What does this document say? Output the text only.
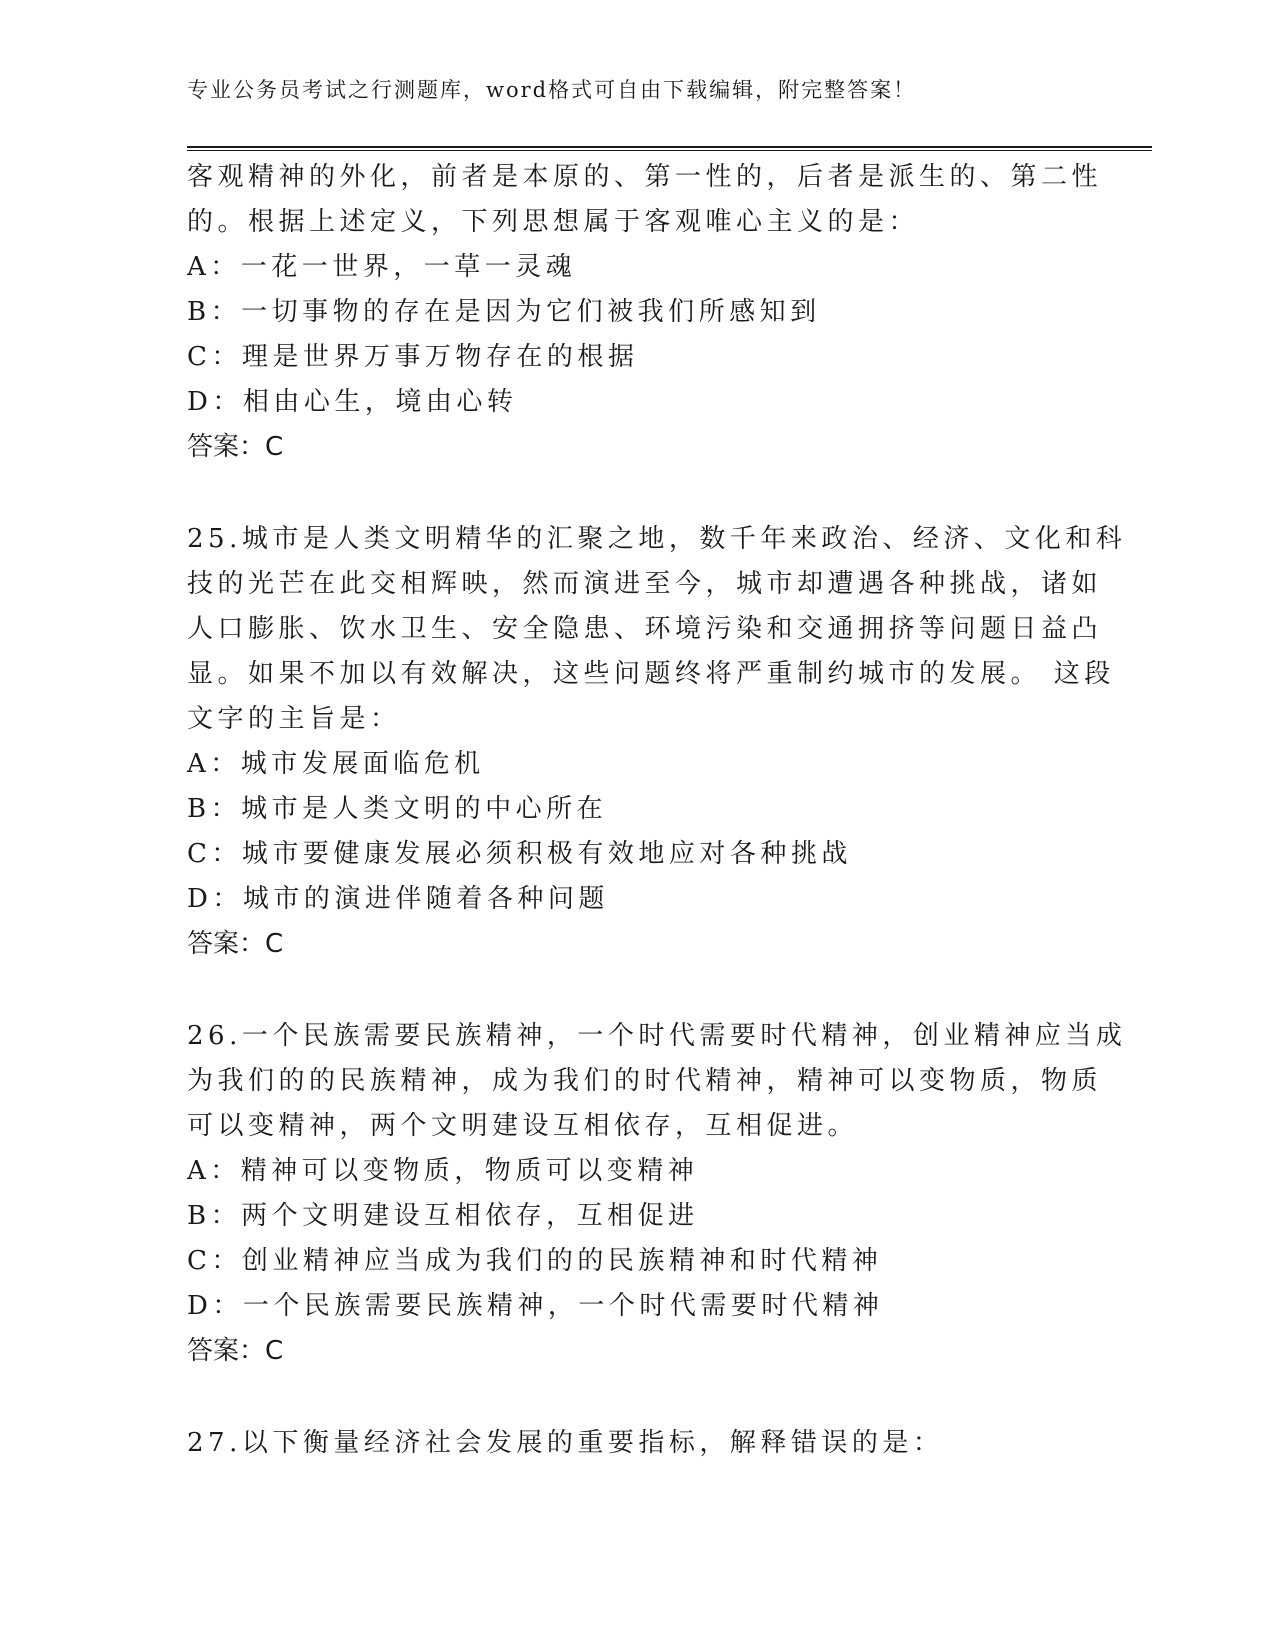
专业公务员考试之行测题库，word格式可自由下载编辑，附完整答案！
客观精神的外化，前者是本原的、第一性的，后者是派生的、第二性
的。根据上述定义，下列思想属于客观唯心主义的是：
A：一花一世界，一草一灵魂
B：一切事物的存在是因为它们被我们所感知到
C：理是世界万事万物存在的根据
D：相由心生，境由心转
答案：C
25.城市是人类文明精华的汇聚之地，数千年来政治、经济、文化和科
技的光芒在此交相辉映，然而演进至今，城市却遭遇各种挑战，诸如
人口膨胀、饮水卫生、安全隐患、环境污染和交通拥挤等问题日益凸
显。如果不加以有效解决，这些问题终将严重制约城市的发展。 这段
文字的主旨是：
A：城市发展面临危机
B：城市是人类文明的中心所在
C：城市要健康发展必须积极有效地应对各种挑战
D：城市的演进伴随着各种问题
答案：C
26.一个民族需要民族精神，一个时代需要时代精神，创业精神应当成
为我们的的民族精神，成为我们的时代精神，精神可以变物质，物质
可以变精神，两个文明建设互相依存，互相促进。
A：精神可以变物质，物质可以变精神
B：两个文明建设互相依存，互相促进
C：创业精神应当成为我们的的民族精神和时代精神
D：一个民族需要民族精神，一个时代需要时代精神
答案：C
27.以下衡量经济社会发展的重要指标，解释错误的是：
